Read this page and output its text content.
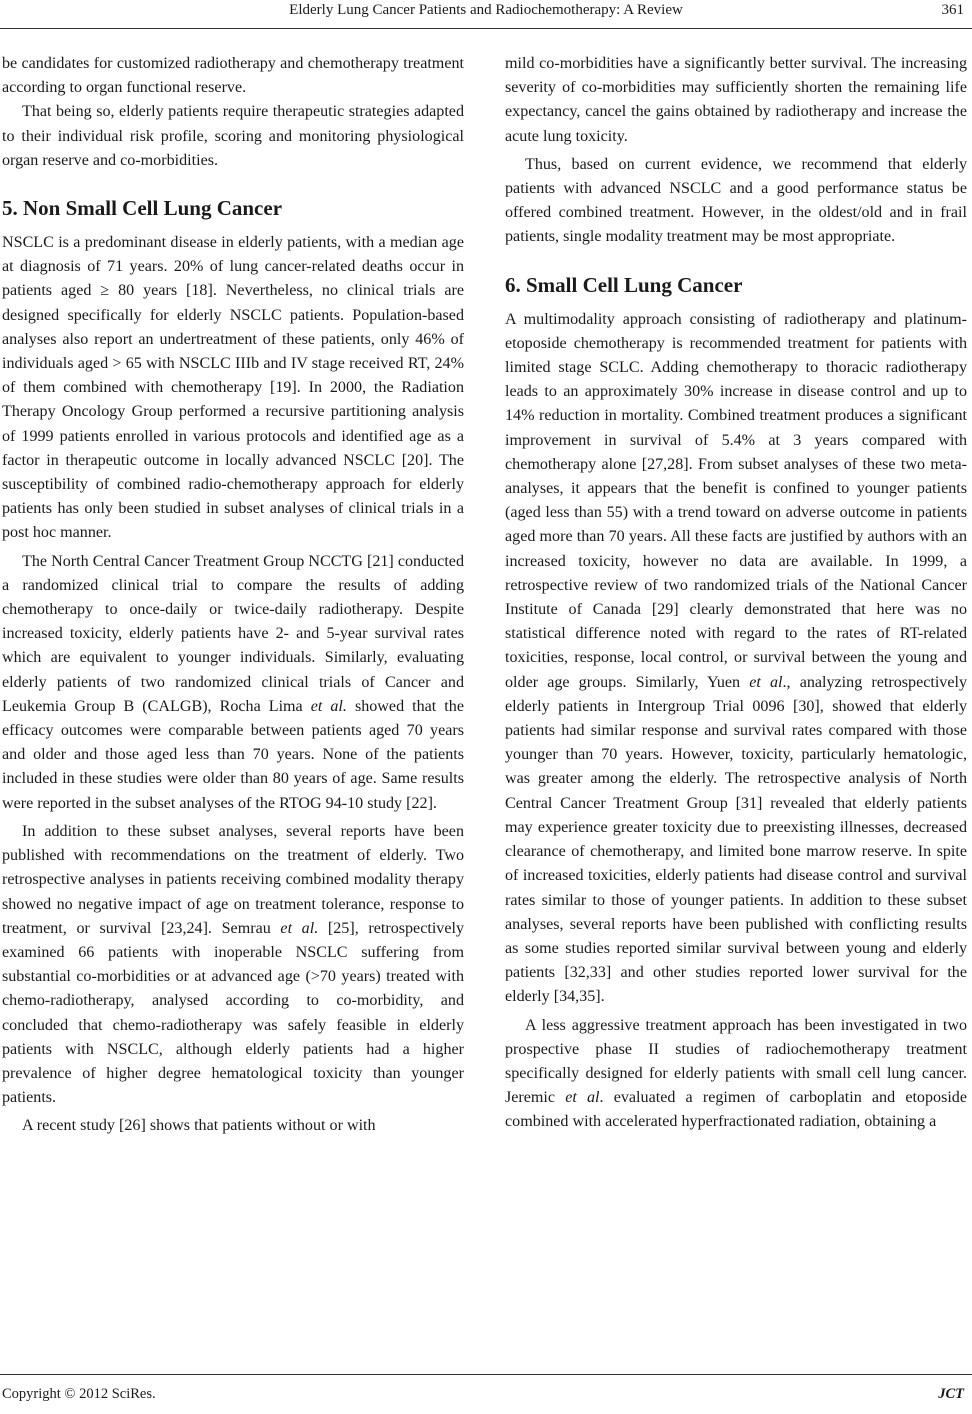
Elderly Lung Cancer Patients and Radiochemotherapy: A Review	361

be candidates for customized radiotherapy and chemotherapy treatment according to organ functional reserve.

That being so, elderly patients require therapeutic strategies adapted to their individual risk profile, scoring and monitoring physiological organ reserve and co-morbidities.

5. Non Small Cell Lung Cancer

NSCLC is a predominant disease in elderly patients, with a median age at diagnosis of 71 years. 20% of lung cancer-related deaths occur in patients aged ≥ 80 years [18]. Nevertheless, no clinical trials are designed specifically for elderly NSCLC patients. Population-based analyses also report an undertreatment of these patients, only 46% of individuals aged > 65 with NSCLC IIIb and IV stage received RT, 24% of them combined with chemotherapy [19]. In 2000, the Radiation Therapy Oncology Group performed a recursive partitioning analysis of 1999 patients enrolled in various protocols and identified age as a factor in therapeutic outcome in locally advanced NSCLC [20]. The susceptibility of combined radio-chemotherapy approach for elderly patients has only been studied in subset analyses of clinical trials in a post hoc manner.

The North Central Cancer Treatment Group NCCTG [21] conducted a randomized clinical trial to compare the results of adding chemotherapy to once-daily or twice-daily radiotherapy. Despite increased toxicity, elderly patients have 2- and 5-year survival rates which are equivalent to younger individuals. Similarly, evaluating elderly patients of two randomized clinical trials of Cancer and Leukemia Group B (CALGB), Rocha Lima et al. showed that the efficacy outcomes were comparable between patients aged 70 years and older and those aged less than 70 years. None of the patients included in these studies were older than 80 years of age. Same results were reported in the subset analyses of the RTOG 94-10 study [22].

In addition to these subset analyses, several reports have been published with recommendations on the treatment of elderly. Two retrospective analyses in patients receiving combined modality therapy showed no negative impact of age on treatment tolerance, response to treatment, or survival [23,24]. Semrau et al. [25], retrospectively examined 66 patients with inoperable NSCLC suffering from substantial co-morbidities or at advanced age (>70 years) treated with chemo-radiotherapy, analysed according to co-morbidity, and concluded that chemo-radiotherapy was safely feasible in elderly patients with NSCLC, although elderly patients had a higher prevalence of higher degree hematological toxicity than younger patients.

A recent study [26] shows that patients without or with

mild co-morbidities have a significantly better survival. The increasing severity of co-morbidities may sufficiently shorten the remaining life expectancy, cancel the gains obtained by radiotherapy and increase the acute lung toxicity.

Thus, based on current evidence, we recommend that elderly patients with advanced NSCLC and a good performance status be offered combined treatment. However, in the oldest/old and in frail patients, single modality treatment may be most appropriate.

6. Small Cell Lung Cancer

A multimodality approach consisting of radiotherapy and platinum-etoposide chemotherapy is recommended treatment for patients with limited stage SCLC. Adding chemotherapy to thoracic radiotherapy leads to an approximately 30% increase in disease control and up to 14% reduction in mortality. Combined treatment produces a significant improvement in survival of 5.4% at 3 years compared with chemotherapy alone [27,28]. From subset analyses of these two meta-analyses, it appears that the benefit is confined to younger patients (aged less than 55) with a trend toward on adverse outcome in patients aged more than 70 years. All these facts are justified by authors with an increased toxicity, however no data are available. In 1999, a retrospective review of two randomized trials of the National Cancer Institute of Canada [29] clearly demonstrated that here was no statistical difference noted with regard to the rates of RT-related toxicities, response, local control, or survival between the young and older age groups. Similarly, Yuen et al., analyzing retrospectively elderly patients in Intergroup Trial 0096 [30], showed that elderly patients had similar response and survival rates compared with those younger than 70 years. However, toxicity, particularly hematologic, was greater among the elderly. The retrospective analysis of North Central Cancer Treatment Group [31] revealed that elderly patients may experience greater toxicity due to preexisting illnesses, decreased clearance of chemotherapy, and limited bone marrow reserve. In spite of increased toxicities, elderly patients had disease control and survival rates similar to those of younger patients. In addition to these subset analyses, several reports have been published with conflicting results as some studies reported similar survival between young and elderly patients [32,33] and other studies reported lower survival for the elderly [34,35].

A less aggressive treatment approach has been investigated in two prospective phase II studies of radiochemotherapy treatment specifically designed for elderly patients with small cell lung cancer. Jeremic et al. evaluated a regimen of carboplatin and etoposide combined with accelerated hyperfractionated radiation, obtaining a

Copyright © 2012 SciRes.	JCT
